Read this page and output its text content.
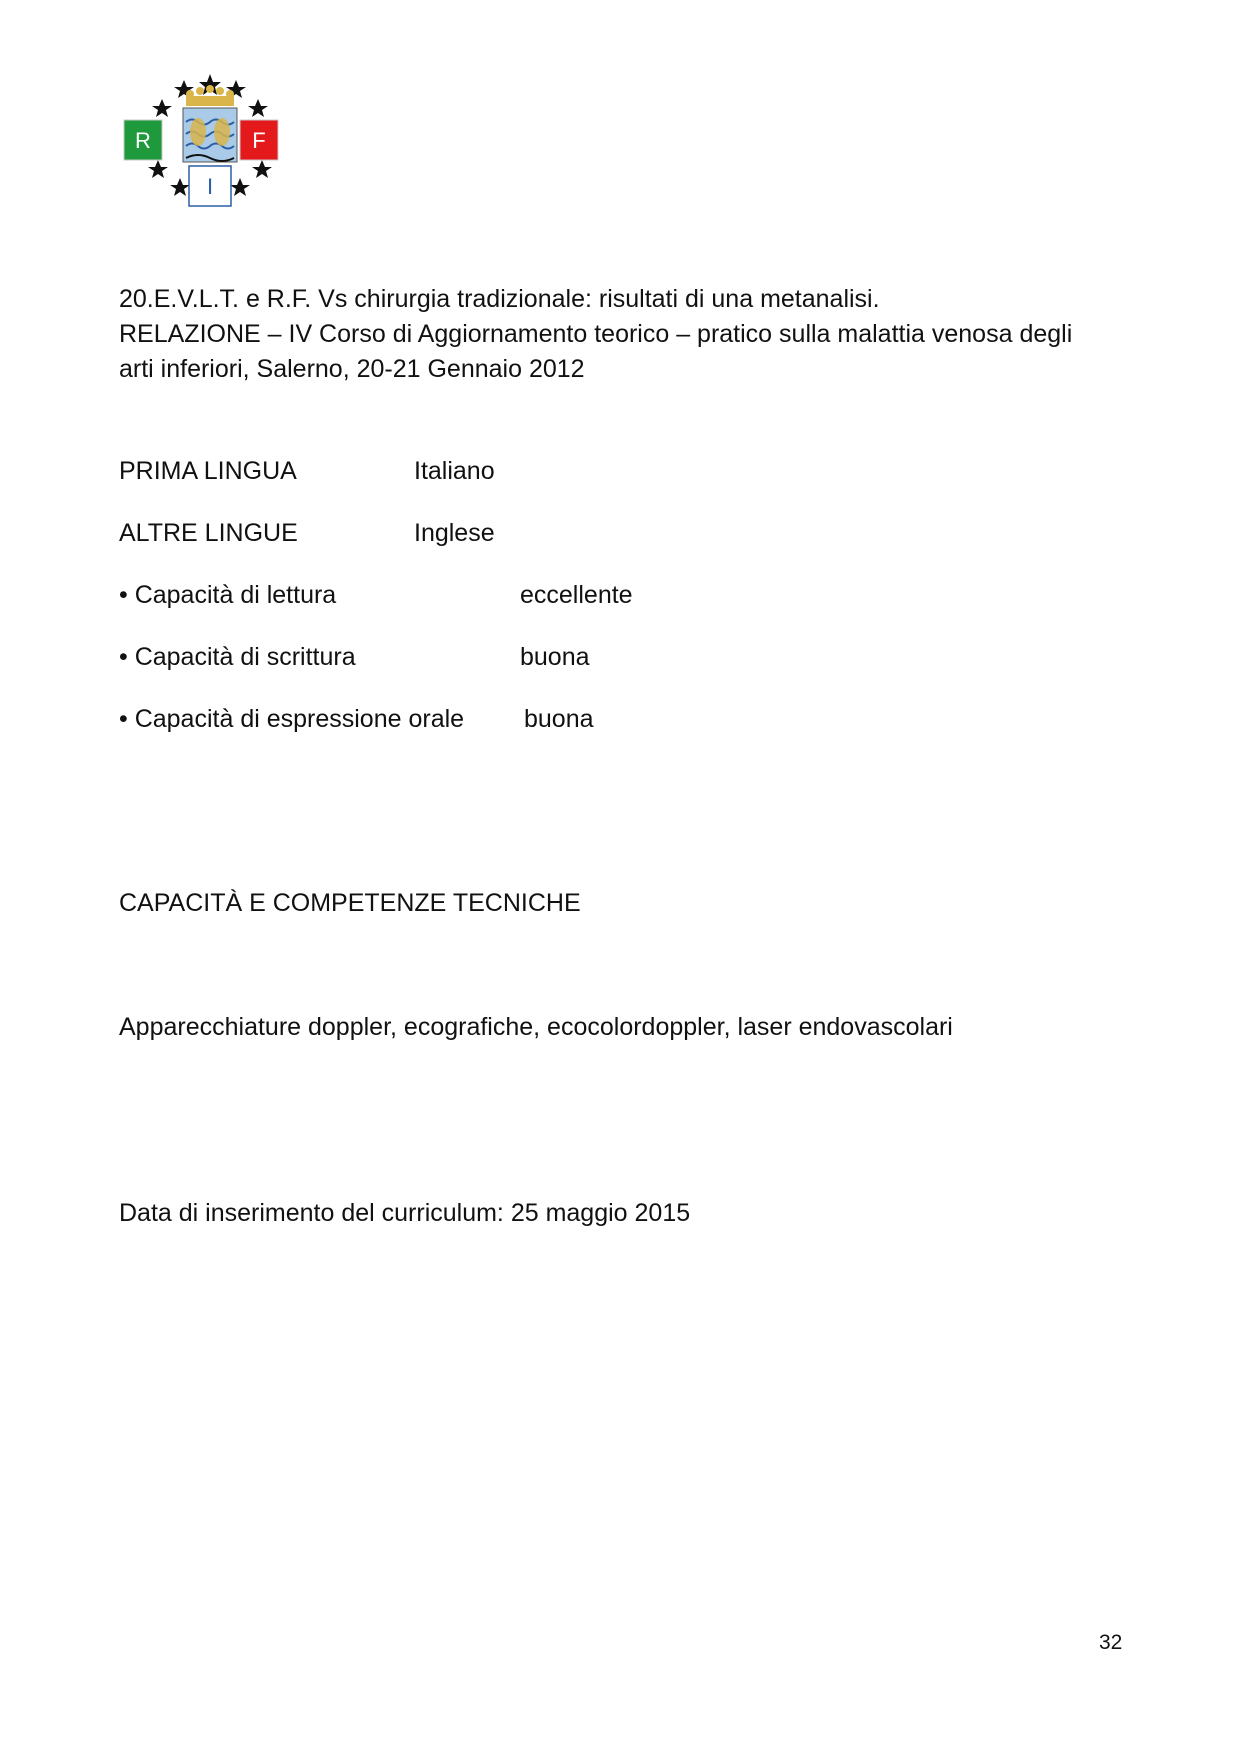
R	F
I
20.E.V.L.T. e R.F. Vs chirurgia tradizionale: risultati di una metanalisi.
RELAZIONE – IV Corso di Aggiornamento teorico – pratico sulla malattia venosa degli
arti inferiori, Salerno, 20-21 Gennaio 2012
PRIMA LINGUA	Italiano
ALTRE LINGUE	Inglese
• Capacità di lettura	eccellente
• Capacità di scrittura	buona
• Capacità di espressione orale buona
CAPACITÀ E COMPETENZE TECNICHE
Apparecchiature doppler, ecografiche, ecocolordoppler, laser endovascolari
Data di inserimento del curriculum: 25 maggio 2015
32
